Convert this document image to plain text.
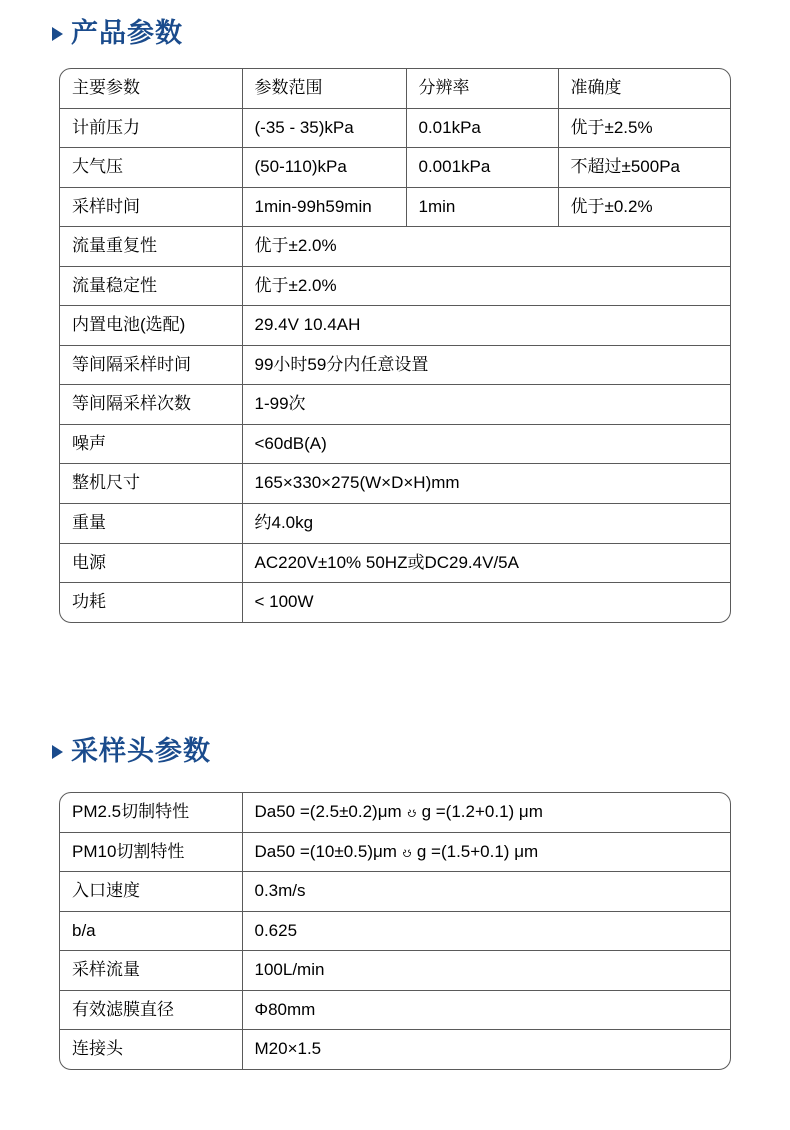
产品参数
主要参数	参数范围	分辨率	准确度
计前压力	(-35 - 35)kPa	0.01kPa	优于±2.5%
大气压	(50-110)kPa	0.001kPa	不超过±500Pa
采样时间	1min-99h59min	1min	优于±0.2%
流量重复性	优于±2.0%		
流量稳定性	优于±2.0%		
内置电池(选配)	29.4V 10.4AH		
等间隔采样时间	99小时59分内任意设置		
等间隔采样次数	1-99次		
噪声	<60dB(A)		
整机尺寸	165×330×275(W×D×H)mm		
重量	约4.0kg		
电源	AC220V±10% 50HZ或DC29.4V/5A		
功耗	< 100W		
采样头参数
PM2.5切制特性	Da50 =(2.5±0.2)μm ၓ g =(1.2+0.1) μm
PM10切割特性	Da50 =(10±0.5)μm ၓ g =(1.5+0.1) μm
入口速度	0.3m/s
b/a	0.625
采样流量	100L/min
有效滤膜直径	Φ80mm
连接头	M20×1.5
